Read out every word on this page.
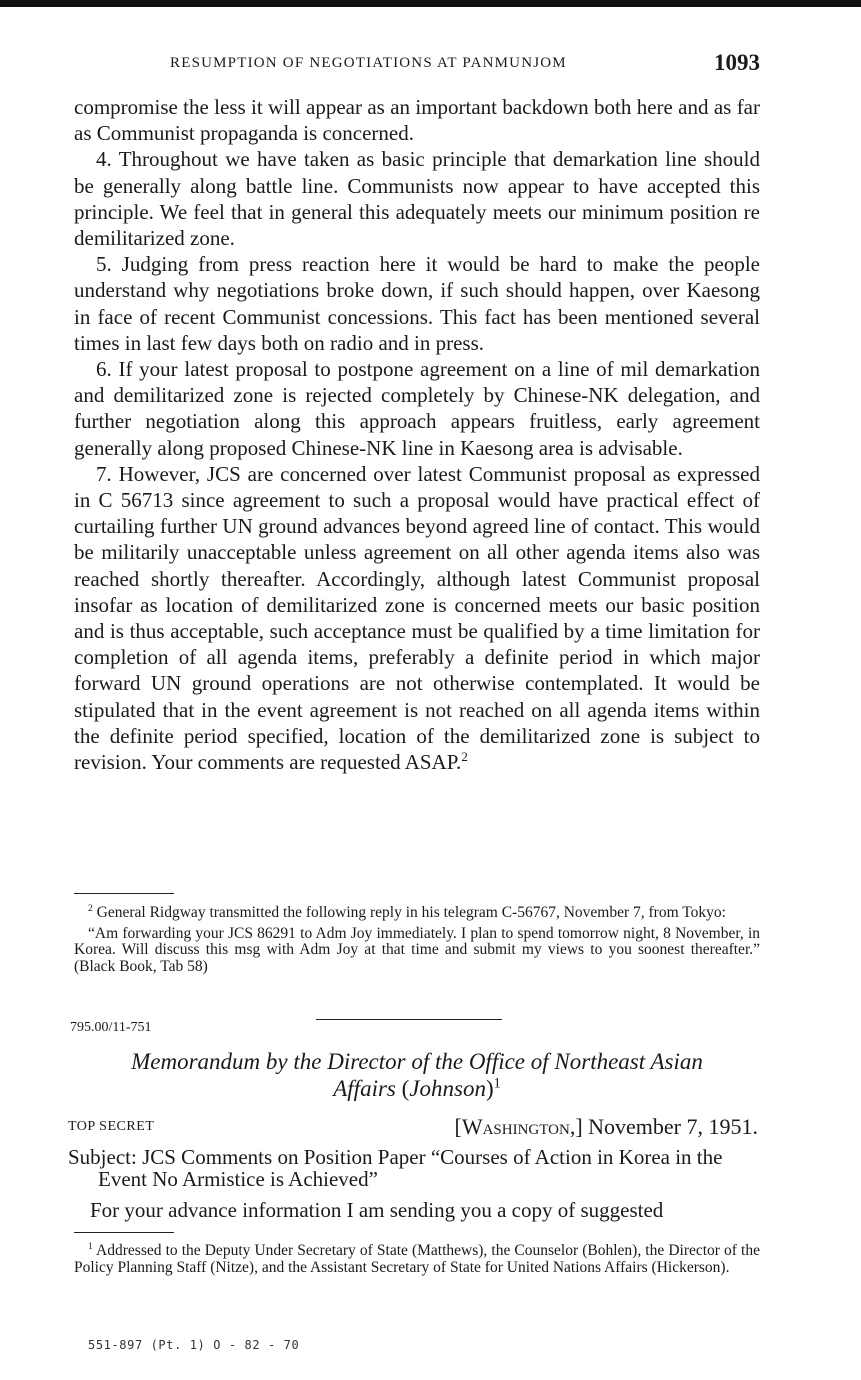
RESUMPTION OF NEGOTIATIONS AT PANMUNJOM	1093

compromise the less it will appear as an important backdown both here and as far as Communist propaganda is concerned.

4. Throughout we have taken as basic principle that demarkation line should be generally along battle line. Communists now appear to have accepted this principle. We feel that in general this adequately meets our minimum position re demilitarized zone.

5. Judging from press reaction here it would be hard to make the people understand why negotiations broke down, if such should happen, over Kaesong in face of recent Communist concessions. This fact has been mentioned several times in last few days both on radio and in press.

6. If your latest proposal to postpone agreement on a line of mil demarkation and demilitarized zone is rejected completely by Chinese-NK delegation, and further negotiation along this approach appears fruitless, early agreement generally along proposed Chinese-NK line in Kaesong area is advisable.

7. However, JCS are concerned over latest Communist proposal as expressed in C 56713 since agreement to such a proposal would have practical effect of curtailing further UN ground advances beyond agreed line of contact. This would be militarily unacceptable unless agreement on all other agenda items also was reached shortly thereafter. Accordingly, although latest Communist proposal insofar as location of demilitarized zone is concerned meets our basic position and is thus acceptable, such acceptance must be qualified by a time limitation for completion of all agenda items, preferably a definite period in which major forward UN ground operations are not otherwise contemplated. It would be stipulated that in the event agreement is not reached on all agenda items within the definite period specified, location of the demilitarized zone is subject to revision. Your comments are requested ASAP.$^2$

$^2$ General Ridgway transmitted the following reply in his telegram C-56767, November 7, from Tokyo:

“Am forwarding your JCS 86291 to Adm Joy immediately. I plan to spend tomorrow night, 8 November, in Korea. Will discuss this msg with Adm Joy at that time and submit my views to you soonest thereafter.” (Black Book, Tab 58)

795.00/11-751
Memorandum by the Director of the Office of Northeast Asian
Affairs (Johnson)$^1$
TOP SECRET	[Washington,] November 7, 1951.
Subject: JCS Comments on Position Paper “Courses of Action in Korea in the Event No Armistice is Achieved”
For your advance information I am sending you a copy of suggested

$^1$ Addressed to the Deputy Under Secretary of State (Matthews), the Counselor (Bohlen), the Director of the Policy Planning Staff (Nitze), and the Assistant Secretary of State for United Nations Affairs (Hickerson).

551-897 (Pt. 1) O - 82 - 70
